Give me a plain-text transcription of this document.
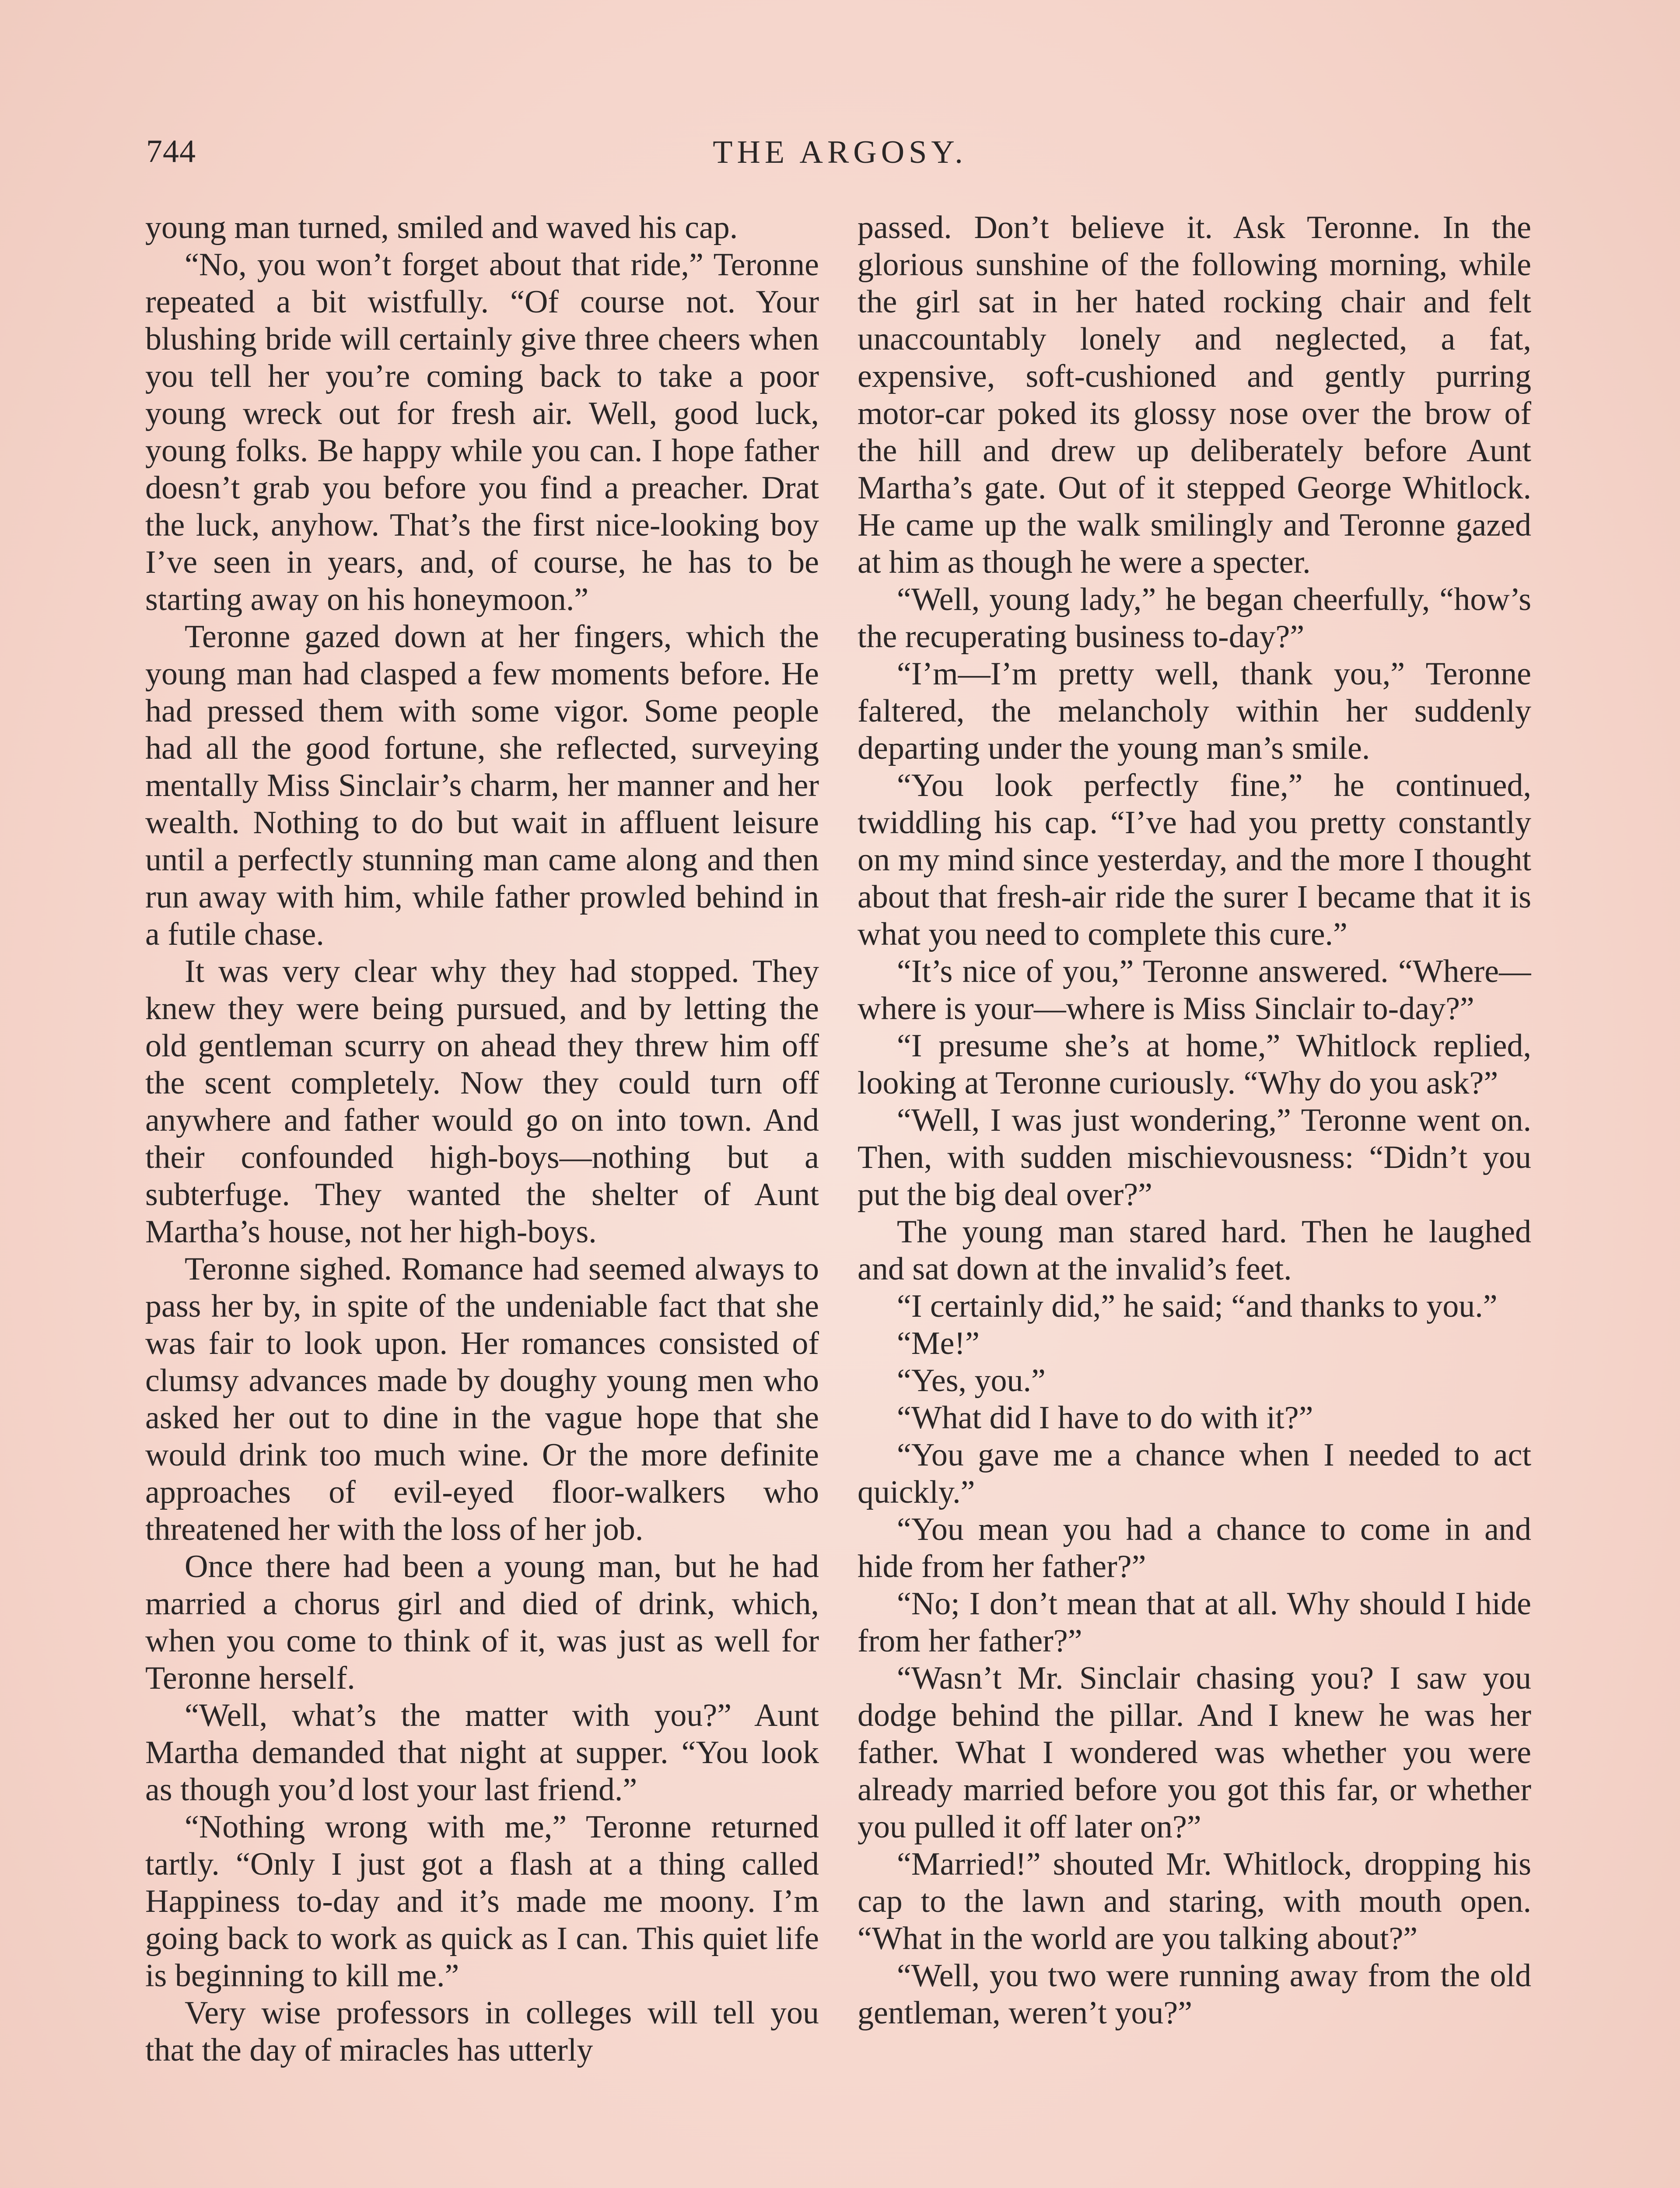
744	THE ARGOSY.

young man turned, smiled and waved his cap.

“No, you won’t forget about that ride,” Teronne repeated a bit wistfully. “Of course not. Your blushing bride will certainly give three cheers when you tell her you’re coming back to take a poor young wreck out for fresh air. Well, good luck, young folks. Be happy while you can. I hope father doesn’t grab you before you find a preacher. Drat the luck, anyhow. That’s the first nice-looking boy I’ve seen in years, and, of course, he has to be starting away on his honeymoon.”

Teronne gazed down at her fingers, which the young man had clasped a few moments before. He had pressed them with some vigor. Some people had all the good fortune, she reflected, surveying mentally Miss Sinclair’s charm, her manner and her wealth. Nothing to do but wait in affluent leisure until a perfectly stunning man came along and then run away with him, while father prowled behind in a futile chase.

It was very clear why they had stopped. They knew they were being pursued, and by letting the old gentleman scurry on ahead they threw him off the scent completely. Now they could turn off anywhere and father would go on into town. And their confounded high-boys—nothing but a subterfuge. They wanted the shelter of Aunt Martha’s house, not her high-boys.

Teronne sighed. Romance had seemed always to pass her by, in spite of the undeniable fact that she was fair to look upon. Her romances consisted of clumsy advances made by doughy young men who asked her out to dine in the vague hope that she would drink too much wine. Or the more definite approaches of evil-eyed floor-walkers who threatened her with the loss of her job.

Once there had been a young man, but he had married a chorus girl and died of drink, which, when you come to think of it, was just as well for Teronne herself.

“Well, what’s the matter with you?” Aunt Martha demanded that night at supper. “You look as though you’d lost your last friend.”

“Nothing wrong with me,” Teronne returned tartly. “Only I just got a flash at a thing called Happiness to-day and it’s made me moony. I’m going back to work as quick as I can. This quiet life is beginning to kill me.”

Very wise professors in colleges will tell you that the day of miracles has utterly

passed. Don’t believe it. Ask Teronne. In the glorious sunshine of the following morning, while the girl sat in her hated rocking chair and felt unaccountably lonely and neglected, a fat, expensive, soft-cushioned and gently purring motor-car poked its glossy nose over the brow of the hill and drew up deliberately before Aunt Martha’s gate. Out of it stepped George Whitlock. He came up the walk smilingly and Teronne gazed at him as though he were a specter.

“Well, young lady,” he began cheerfully, “how’s the recuperating business to-day?”

“I’m—I’m pretty well, thank you,” Teronne faltered, the melancholy within her suddenly departing under the young man’s smile.

“You look perfectly fine,” he continued, twiddling his cap. “I’ve had you pretty constantly on my mind since yesterday, and the more I thought about that fresh-air ride the surer I became that it is what you need to complete this cure.”

“It’s nice of you,” Teronne answered. “Where—where is your—where is Miss Sinclair to-day?”

“I presume she’s at home,” Whitlock replied, looking at Teronne curiously. “Why do you ask?”

“Well, I was just wondering,” Teronne went on. Then, with sudden mischievousness: “Didn’t you put the big deal over?”

The young man stared hard. Then he laughed and sat down at the invalid’s feet.

“I certainly did,” he said; “and thanks to you.”

“Me!”

“Yes, you.”

“What did I have to do with it?”

“You gave me a chance when I needed to act quickly.”

“You mean you had a chance to come in and hide from her father?”

“No; I don’t mean that at all. Why should I hide from her father?”

“Wasn’t Mr. Sinclair chasing you? I saw you dodge behind the pillar. And I knew he was her father. What I wondered was whether you were already married before you got this far, or whether you pulled it off later on?”

“Married!” shouted Mr. Whitlock, dropping his cap to the lawn and staring, with mouth open. “What in the world are you talking about?”

“Well, you two were running away from the old gentleman, weren’t you?”
